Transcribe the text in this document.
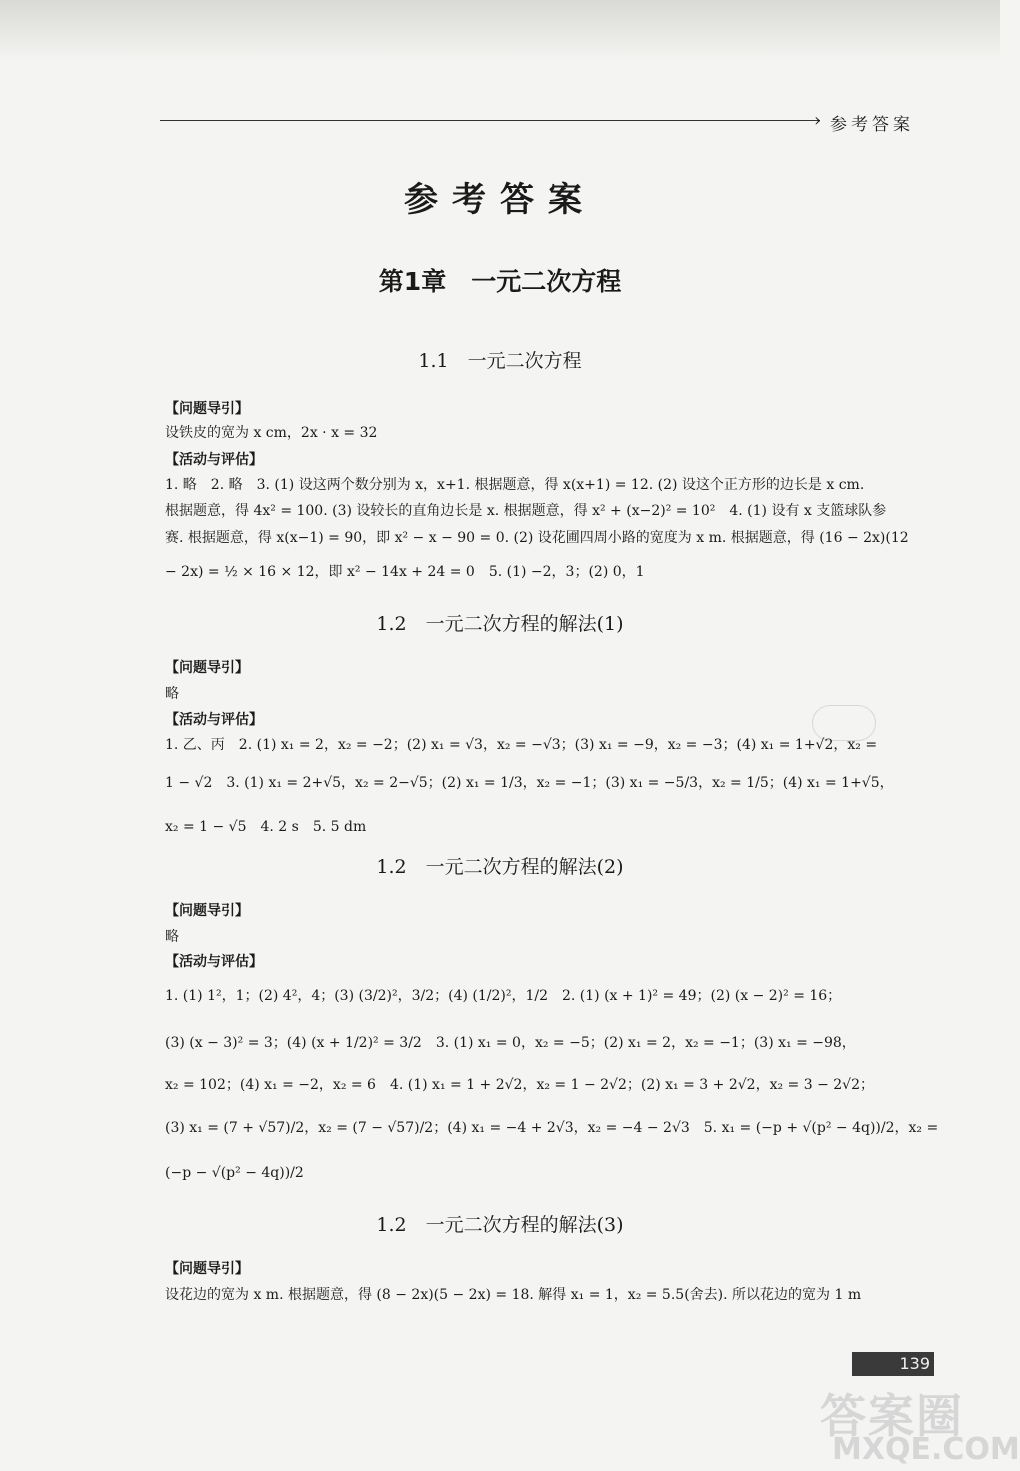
› 参考答案
参考答案
第1章　一元二次方程
1.1　一元二次方程
【问题导引】
设铁皮的宽为 x cm，2x · x = 32
【活动与评估】
1. 略　2. 略　3. (1) 设这两个数分别为 x，x+1. 根据题意，得 x(x+1) = 12. (2) 设这个正方形的边长是 x cm.
根据题意，得 4x² = 100. (3) 设较长的直角边长是 x. 根据题意，得 x² + (x−2)² = 10²　4. (1) 设有 x 支篮球队参
赛. 根据题意，得 x(x−1) = 90，即 x² − x − 90 = 0. (2) 设花圃四周小路的宽度为 x m. 根据题意，得 (16 − 2x)(12
− 2x) = ½ × 16 × 12，即 x² − 14x + 24 = 0　5. (1) −2，3；(2) 0，1
1.2　一元二次方程的解法(1)
【问题导引】
略
【活动与评估】
1. 乙、丙　2. (1) x₁ = 2，x₂ = −2；(2) x₁ = √3，x₂ = −√3；(3) x₁ = −9，x₂ = −3；(4) x₁ = 1+√2，x₂ =
1 − √2　3. (1) x₁ = 2+√5，x₂ = 2−√5；(2) x₁ = 1/3，x₂ = −1；(3) x₁ = −5/3，x₂ = 1/5；(4) x₁ = 1+√5，
x₂ = 1 − √5　4. 2 s　5. 5 dm
1.2　一元二次方程的解法(2)
【问题导引】
略
【活动与评估】
1. (1) 1²，1；(2) 4²，4；(3) (3/2)²，3/2；(4) (1/2)²，1/2　2. (1) (x + 1)² = 49；(2) (x − 2)² = 16；
(3) (x − 3)² = 3；(4) (x + 1/2)² = 3/2　3. (1) x₁ = 0，x₂ = −5；(2) x₁ = 2，x₂ = −1；(3) x₁ = −98，
x₂ = 102；(4) x₁ = −2，x₂ = 6　4. (1) x₁ = 1 + 2√2，x₂ = 1 − 2√2；(2) x₁ = 3 + 2√2，x₂ = 3 − 2√2；
(3) x₁ = (7 + √57)/2，x₂ = (7 − √57)/2；(4) x₁ = −4 + 2√3，x₂ = −4 − 2√3　5. x₁ = (−p + √(p² − 4q))/2，x₂ =
(−p − √(p² − 4q))/2
1.2　一元二次方程的解法(3)
【问题导引】
设花边的宽为 x m. 根据题意，得 (8 − 2x)(5 − 2x) = 18. 解得 x₁ = 1，x₂ = 5.5(舍去). 所以花边的宽为 1 m
139
答案圈
MXQE.COM
